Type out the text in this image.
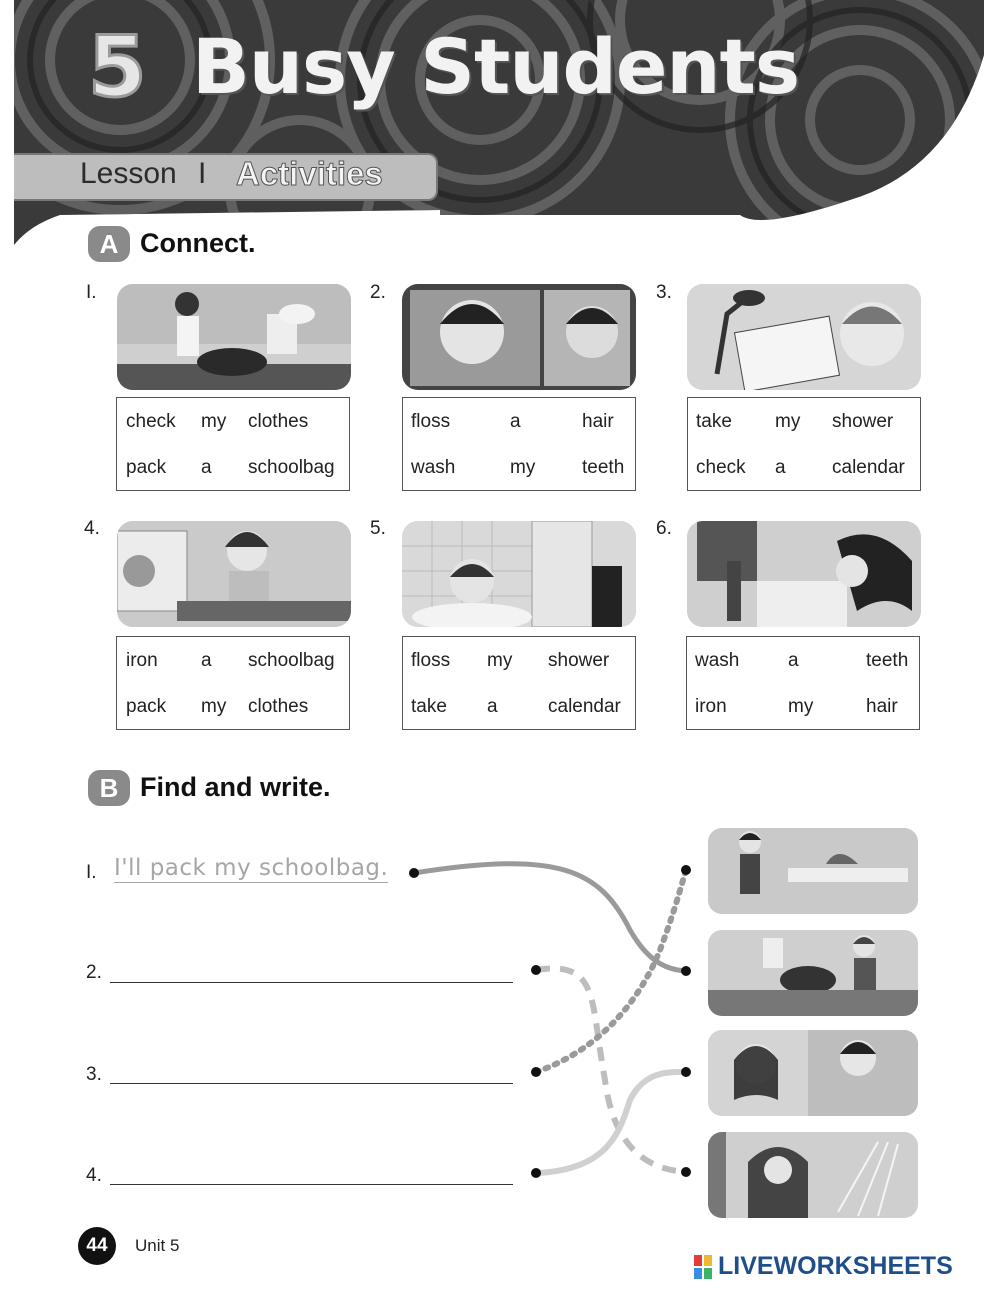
5 Busy Students
Lesson I Activities
A Connect.
I.
check my clothes
pack a schoolbag
2.
floss	a	hair
wash	my teeth
3.
take my shower
check a calendar
4.
iron a schoolbag
pack my clothes
5.
floss my shower
take a	calendar
6.
wash	a	teeth
iron	my	hair
B Find and write.
I. I'll pack my schoolbag.
2.
3.
4.
44	Unit 5
LIVEWORKSHEETS
